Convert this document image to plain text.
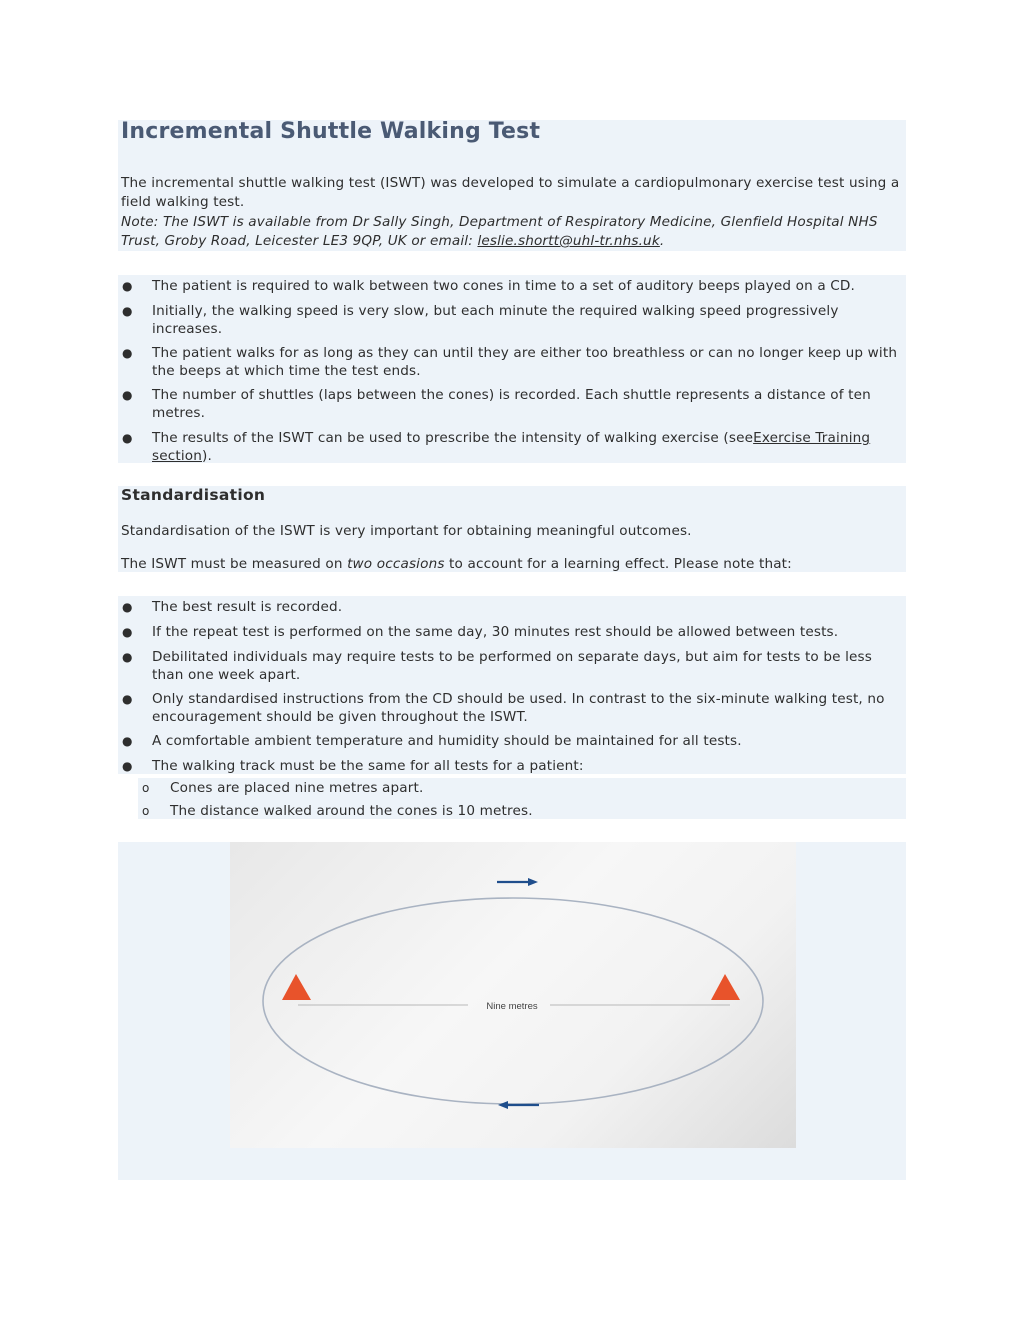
Incremental Shuttle Walking Test

The incremental shuttle walking test (ISWT) was developed to simulate a cardiopulmonary exercise test using a field walking test.

Note: The ISWT is available from Dr Sally Singh, Department of Respiratory Medicine, Glenfield Hospital NHS Trust, Groby Road, Leicester LE3 9QP, UK or email: leslie.shortt@uhl-tr.nhs.uk.

● The patient is required to walk between two cones in time to a set of auditory beeps played on a CD.
● Initially, the walking speed is very slow, but each minute the required walking speed progressively increases.
● The patient walks for as long as they can until they are either too breathless or can no longer keep up with the beeps at which time the test ends.
● The number of shuttles (laps between the cones) is recorded. Each shuttle represents a distance of ten metres.
● The results of the ISWT can be used to prescribe the intensity of walking exercise (seeExercise Training section).
Standardisation

Standardisation of the ISWT is very important for obtaining meaningful outcomes.

The ISWT must be measured on two occasions to account for a learning effect. Please note that:

● The best result is recorded.
● If the repeat test is performed on the same day, 30 minutes rest should be allowed between tests.
● Debilitated individuals may require tests to be performed on separate days, but aim for tests to be less than one week apart.
● Only standardised instructions from the CD should be used. In contrast to the six-minute walking test, no encouragement should be given throughout the ISWT.
● A comfortable ambient temperature and humidity should be maintained for all tests.
● The walking track must be the same for all tests for a patient:
o Cones are placed nine metres apart.
o The distance walked around the cones is 10 metres.
Nine metres
